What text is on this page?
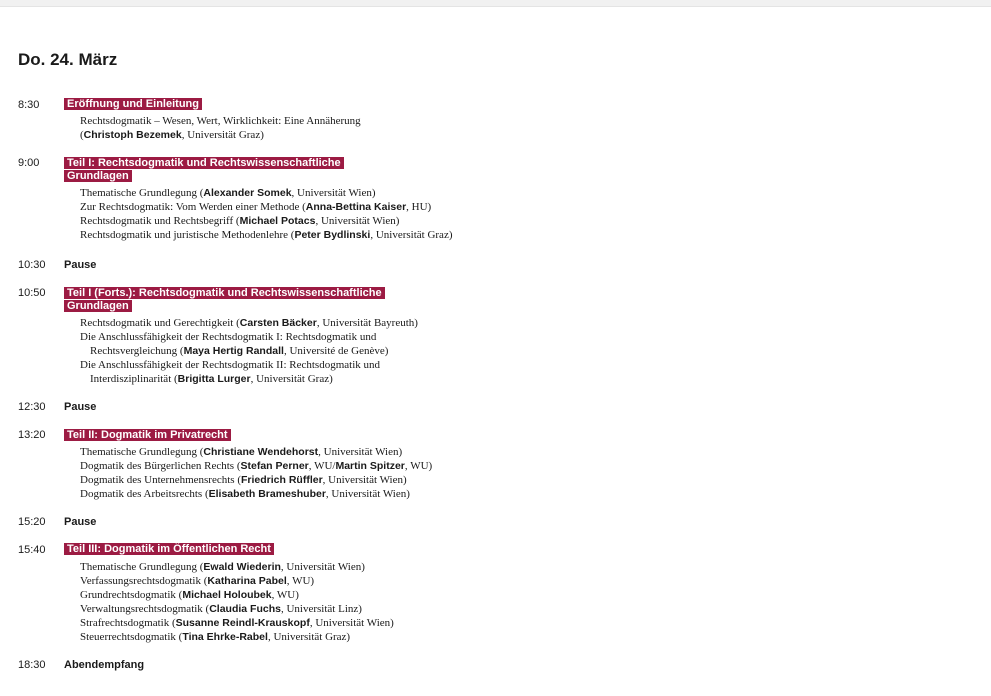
Do. 24. März
8:30	Eröffnung und Einleitung
Rechtsdogmatik – Wesen, Wert, Wirklichkeit: Eine Annäherung
(Christoph Bezemek, Universität Graz)
9:00	Teil I: Rechtsdogmatik und Rechtswissenschaftliche
Grundlagen
Thematische Grundlegung (Alexander Somek, Universität Wien)
Zur Rechtsdogmatik: Vom Werden einer Methode (Anna-Bettina Kaiser, HU)
Rechtsdogmatik und Rechtsbegriff (Michael Potacs, Universität Wien)
Rechtsdogmatik und juristische Methodenlehre (Peter Bydlinski, Universität Graz)
10:30 Pause
10:50 Teil I (Forts.): Rechtsdogmatik und Rechtswissenschaftliche
Grundlagen
Rechtsdogmatik und Gerechtigkeit (Carsten Bäcker, Universität Bayreuth)
Die Anschlussfähigkeit der Rechtsdogmatik I: Rechtsdogmatik und
Rechtsvergleichung (Maya Hertig Randall, Université de Genève)
Die Anschlussfähigkeit der Rechtsdogmatik II: Rechtsdogmatik und
Interdisziplinarität (Brigitta Lurger, Universität Graz)
12:30 Pause
13:20 Teil II: Dogmatik im Privatrecht
Thematische Grundlegung (Christiane Wendehorst, Universität Wien)
Dogmatik des Bürgerlichen Rechts (Stefan Perner, WU/Martin Spitzer, WU)
Dogmatik des Unternehmensrechts (Friedrich Rüffler, Universität Wien)
Dogmatik des Arbeitsrechts (Elisabeth Brameshuber, Universität Wien)
15:20 Pause
15:40 Teil III: Dogmatik im Öffentlichen Recht
Thematische Grundlegung (Ewald Wiederin, Universität Wien)
Verfassungsrechtsdogmatik (Katharina Pabel, WU)
Grundrechtsdogmatik (Michael Holoubek, WU)
Verwaltungsrechtsdogmatik (Claudia Fuchs, Universität Linz)
Strafrechtsdogmatik (Susanne Reindl-Krauskopf, Universität Wien)
Steuerrechtsdogmatik (Tina Ehrke-Rabel, Universität Graz)
18:30 Abendempfang
